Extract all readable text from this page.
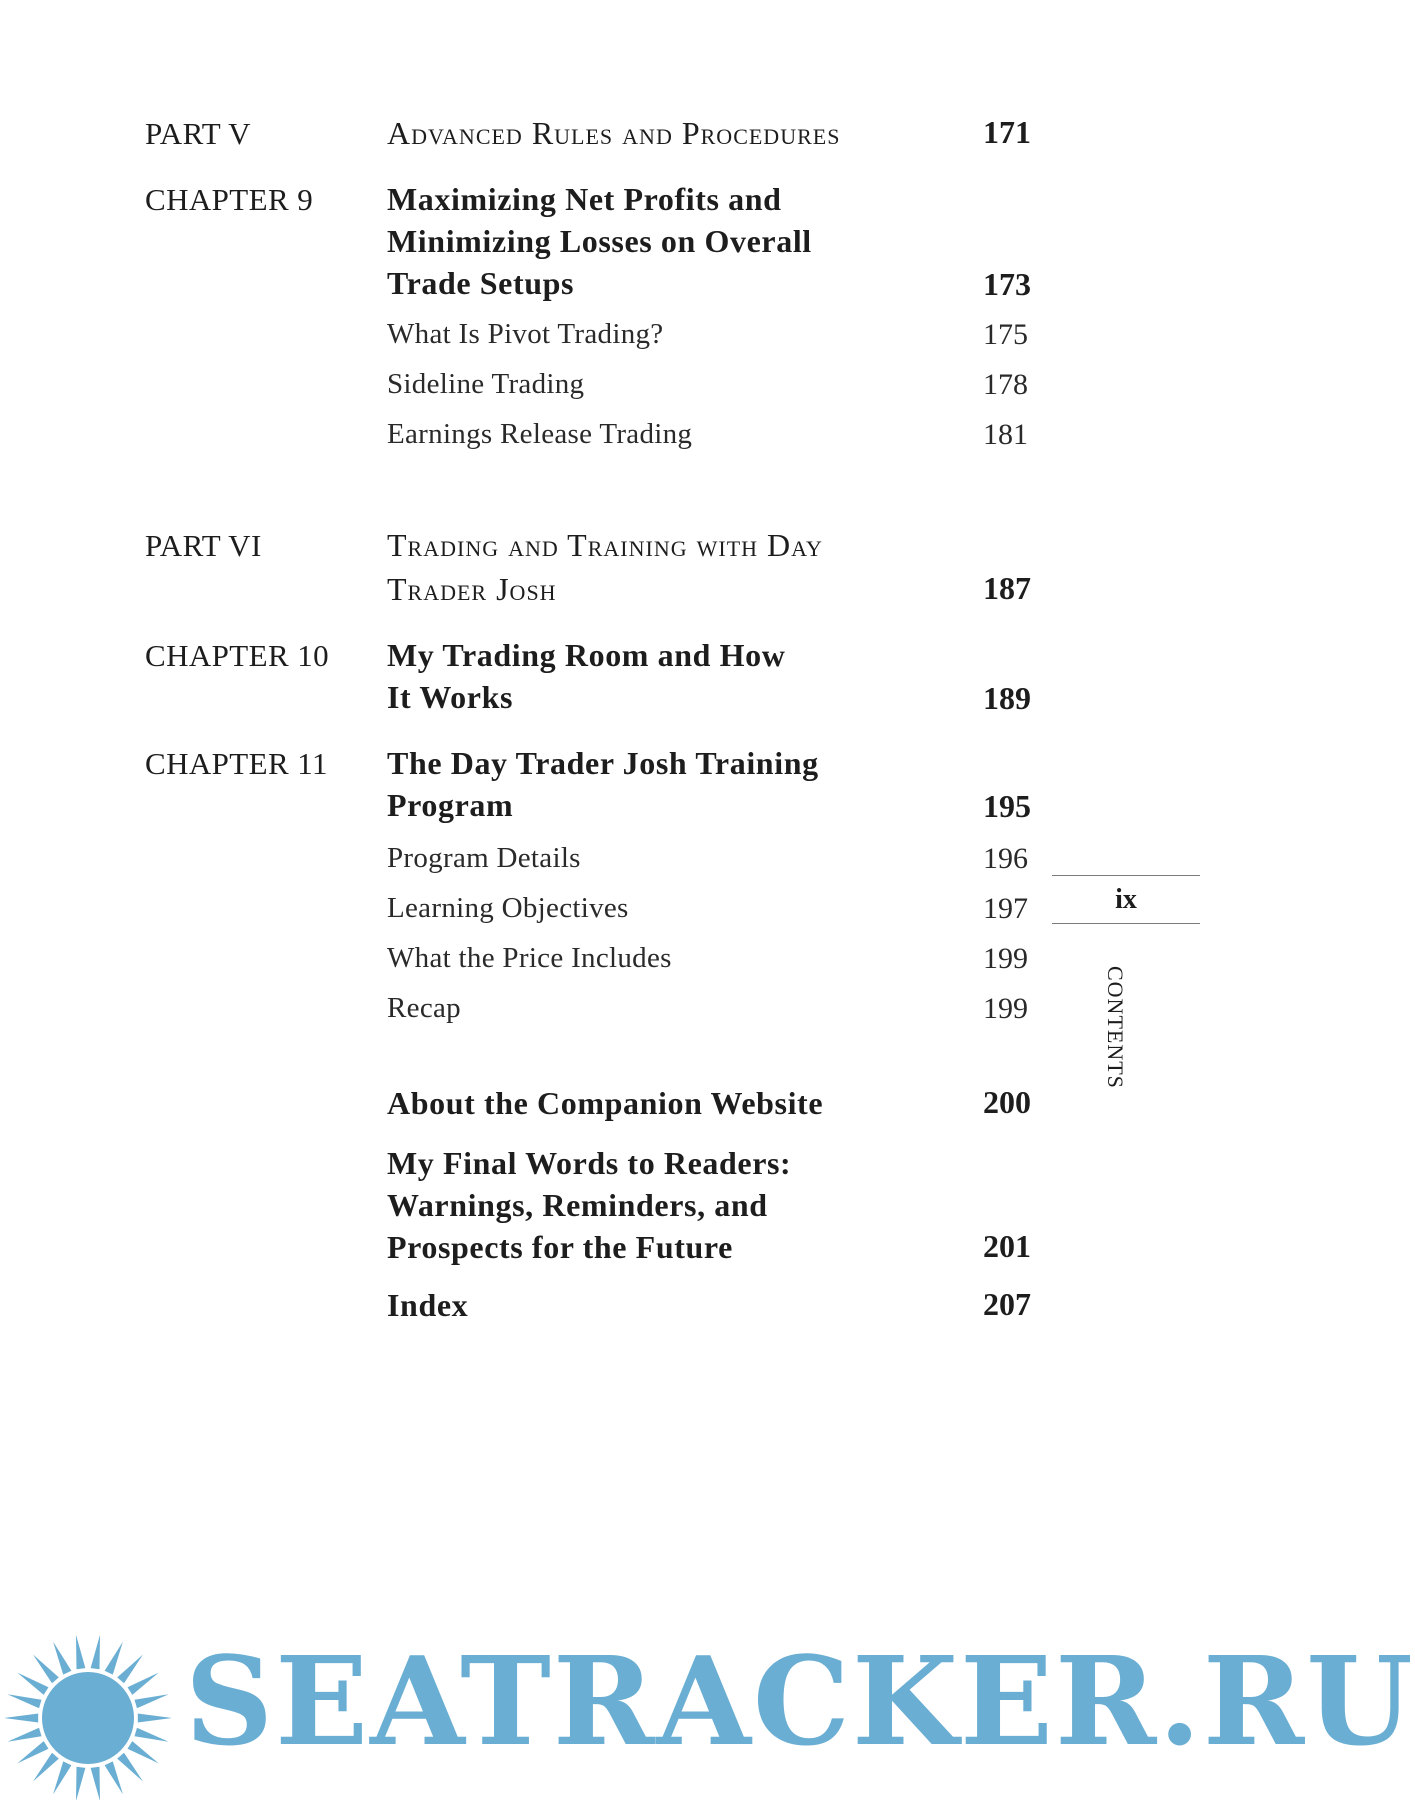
PART V	Advanced Rules and Procedures	171
CHAPTER 9 Maximizing Net Profits and
Minimizing Losses on Overall
Trade Setups	173
What Is Pivot Trading?	175
Sideline Trading	178
Earnings Release Trading	181
PART VI	Trading and Training with Day
Trader Josh	187
CHAPTER 10 My Trading Room and How
It Works	189
CHAPTER 11 The Day Trader Josh Training
Program	195
Program Details	196
Learning Objectives	197
What the Price Includes	199
Recap	199
About the Companion Website	200
My Final Words to Readers:
Warnings, Reminders, and
Prospects for the Future	201
Index	207
ix
CONTENTS
SEATRACKER.RU
